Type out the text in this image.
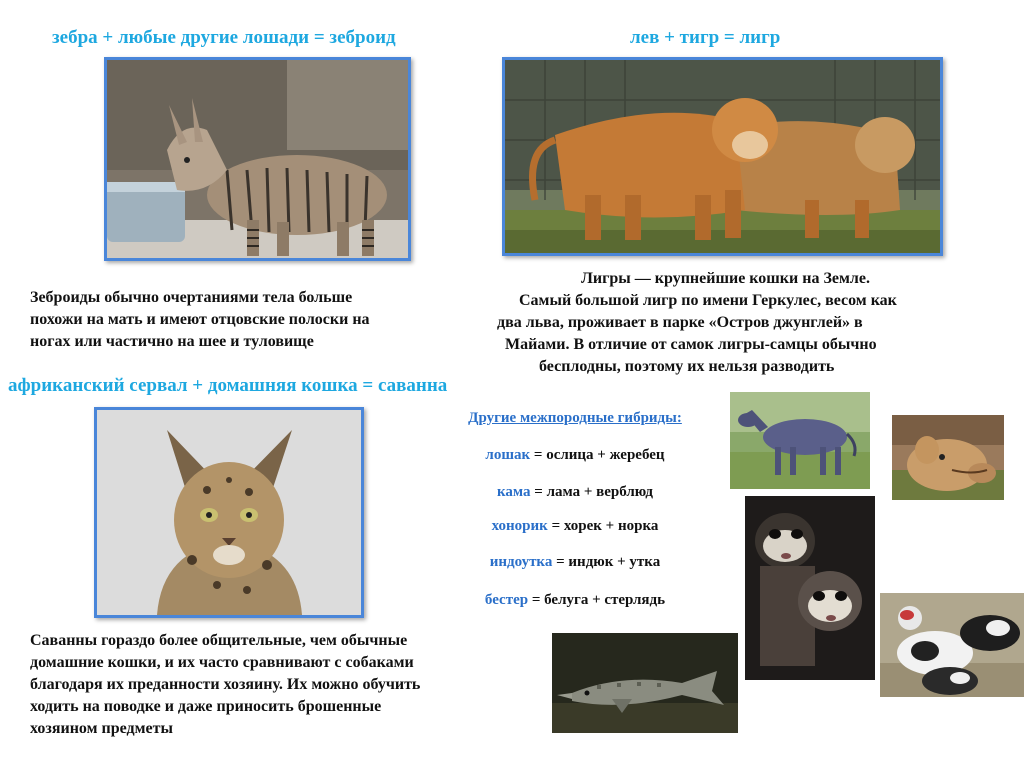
зебра + любые другие лошади = зеброид
Зеброиды обычно очертаниями тела больше
похожи на мать и имеют отцовские полоски на
ногах или частично на шее и туловище
лев + тигр = лигр
Лигры — крупнейшие кошки на Земле.
Самый большой лигр по имени Геркулес, весом как
два льва, проживает в парке «Остров джунглей» в
Майами. В отличие от самок лигры-самцы обычно
бесплодны, поэтому их нельзя разводить
африканский сервал + домашняя кошка = саванна
Саванны гораздо более общительные, чем обычные
домашние кошки, и их часто сравнивают с собаками
благодаря их преданности хозяину. Их можно обучить
ходить на поводке и даже приносить брошенные
хозяином предметы
Другие межпородные гибриды:
лошак = ослица + жеребец
кама = лама + верблюд
хонорик = хорек + норка
индоутка = индюк + утка
бестер = белуга + стерлядь
